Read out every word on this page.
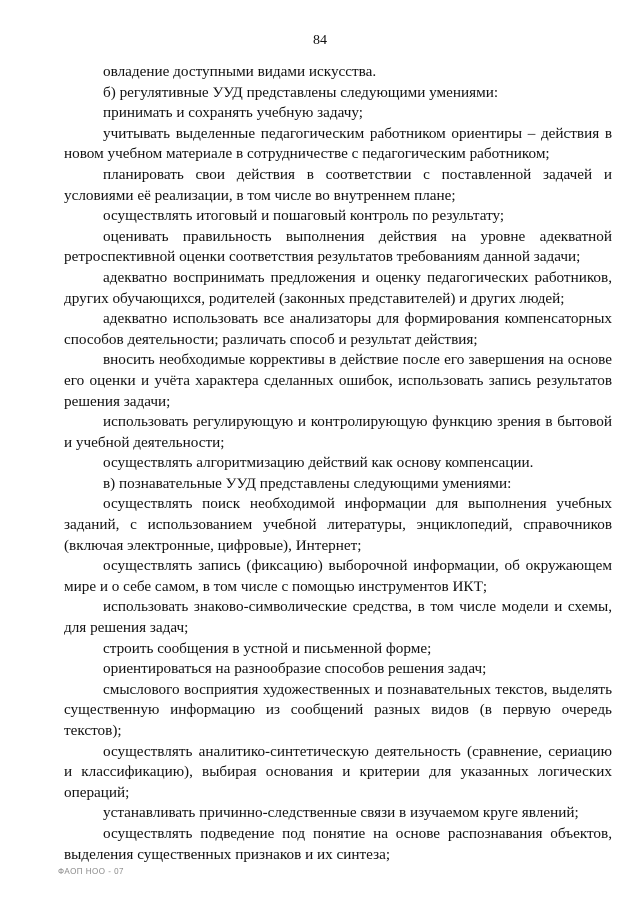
84

овладение доступными видами искусства.

б) регулятивные УУД представлены следующими умениями:

принимать и сохранять учебную задачу;

учитывать выделенные педагогическим работником ориентиры – действия в новом учебном материале в сотрудничестве с педагогическим работником;

планировать свои действия в соответствии с поставленной задачей и условиями её реализации, в том числе во внутреннем плане;

осуществлять итоговый и пошаговый контроль по результату;

оценивать правильность выполнения действия на уровне адекватной ретроспективной оценки соответствия результатов требованиям данной задачи;

адекватно воспринимать предложения и оценку педагогических работников, других обучающихся, родителей (законных представителей) и других людей;

адекватно использовать все анализаторы для формирования компенсаторных способов деятельности; различать способ и результат действия;

вносить необходимые коррективы в действие после его завершения на основе его оценки и учёта характера сделанных ошибок, использовать запись результатов решения задачи;

использовать регулирующую и контролирующую функцию зрения в бытовой и учебной деятельности;

осуществлять алгоритмизацию действий как основу компенсации.

в) познавательные УУД представлены следующими умениями:

осуществлять поиск необходимой информации для выполнения учебных заданий, с использованием учебной литературы, энциклопедий, справочников (включая электронные, цифровые), Интернет;

осуществлять запись (фиксацию) выборочной информации, об окружающем мире и о себе самом, в том числе с помощью инструментов ИКТ;

использовать знаково-символические средства, в том числе модели и схемы, для решения задач;

строить сообщения в устной и письменной форме;

ориентироваться на разнообразие способов решения задач;

смыслового восприятия художественных и познавательных текстов, выделять существенную информацию из сообщений разных видов (в первую очередь текстов);

осуществлять аналитико-синтетическую деятельность (сравнение, сериацию и классификацию), выбирая основания и критерии для указанных логических операций;

устанавливать причинно-следственные связи в изучаемом круге явлений;

осуществлять подведение под понятие на основе распознавания объектов, выделения существенных признаков и их синтеза;

ФАОП НОО - 07
